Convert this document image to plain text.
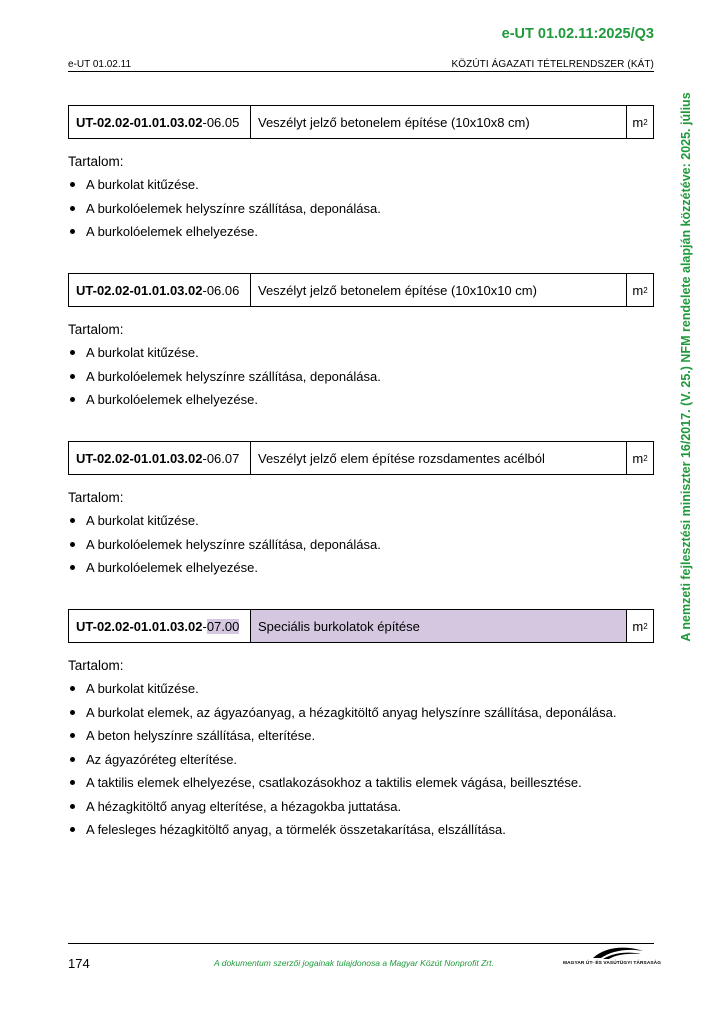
e-UT 01.02.11:2025/Q3
e-UT 01.02.11	KÖZÚTI ÁGAZATI TÉTELRENDSZER (KÁT)
UT-02.02-01.01.03.02 -06.05	Veszélyt jelző betonelem építése (10x10x8 cm)	m 2
Tartalom:
A burkolat kitűzése.
A burkolóelemek helyszínre szállítása, deponálása.
A burkolóelemek elhelyezése.
UT-02.02-01.01.03.02 -06.06	Veszélyt jelző betonelem építése (10x10x10 cm)	m 2
Tartalom:
A burkolat kitűzése.
A burkolóelemek helyszínre szállítása, deponálása.
A burkolóelemek elhelyezése.
UT-02.02-01.01.03.02 -06.07	Veszélyt jelző elem építése rozsdamentes acélból	m 2
Tartalom:
A burkolat kitűzése.
A burkolóelemek helyszínre szállítása, deponálása.
A burkolóelemek elhelyezése.
UT-02.02-01.01.03.02 - 07.00	Speciális burkolatok építése	m 2
Tartalom:
A burkolat kitűzése.
A burkolat elemek, az ágyazóanyag, a hézagkitöltő anyag helyszínre szállítása, deponálása.
A beton helyszínre szállítása, elterítése.
Az ágyazóréteg elterítése.
A taktilis elemek elhelyezése, csatlakozásokhoz a taktilis elemek vágása, beillesztése.
A hézagkitöltő anyag elterítése, a hézagokba juttatása.
A felesleges hézagkitöltő anyag, a törmelék összetakarítása, elszállítása.
A nemzeti fejlesztési miniszter 16/2017. (V. 25.) NFM rendelete alapján közzétéve: 2025. július
174	A dokumentum szerzői jogainak tulajdonosa a Magyar Közút Nonprofit Zrt.	MAGYAR ÚT- ÉS VASÚTÜGYI TÁRSASÁG
